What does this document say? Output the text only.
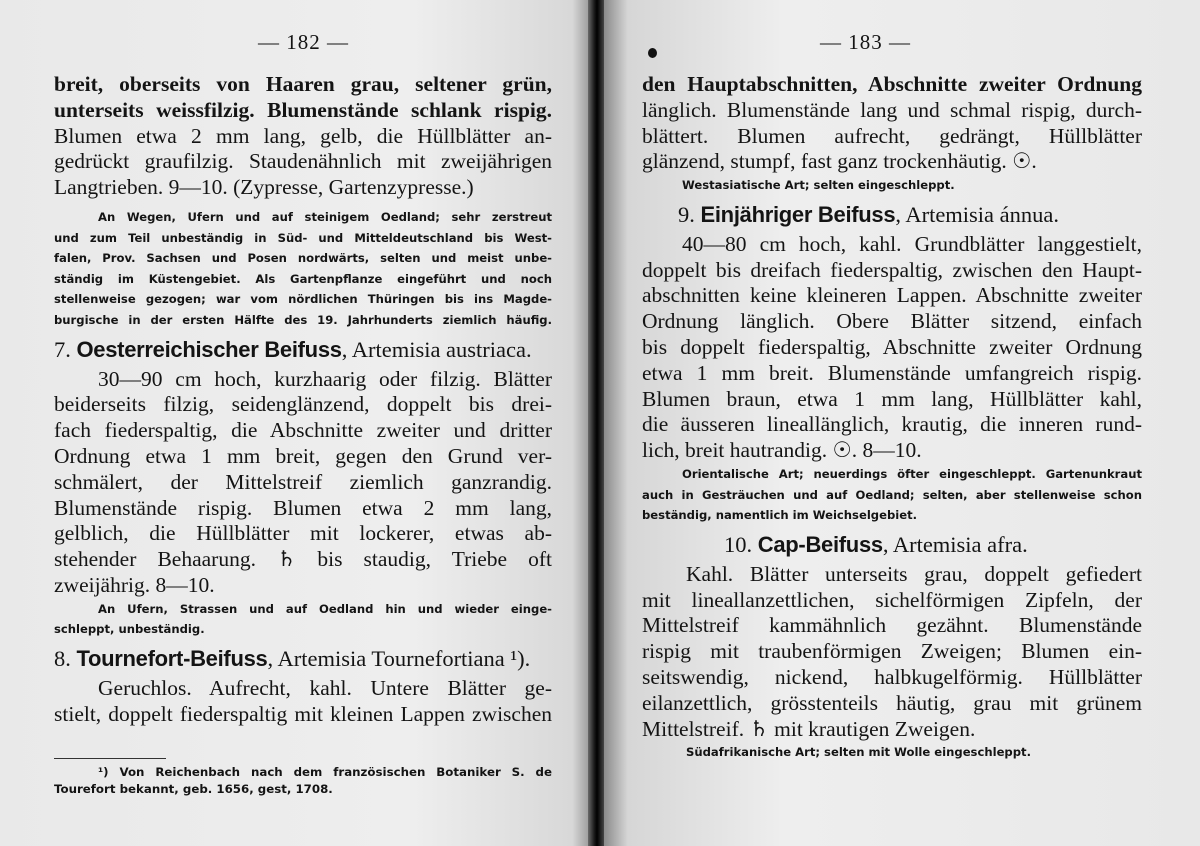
— 182 —
breit, oberseits von Haaren grau, seltener grün,
unterseits weissfilzig. Blumenstände schlank rispig.
Blumen etwa 2 mm lang, gelb, die Hüllblätter an-
gedrückt graufilzig. Staudenähnlich mit zweijährigen
Langtrieben. 9—10. (Zypresse, Gartenzypresse.)
An Wegen, Ufern und auf steinigem Oedland; sehr zerstreut
und zum Teil unbeständig in Süd- und Mitteldeutschland bis West-
falen, Prov. Sachsen und Posen nordwärts, selten und meist unbe-
ständig im Küstengebiet. Als Gartenpflanze eingeführt und noch
stellenweise gezogen; war vom nördlichen Thüringen bis ins Magde-
burgische in der ersten Hälfte des 19. Jahrhunderts ziemlich häufig.
7. Oesterreichischer Beifuss, Artemisia austriaca.
30—90 cm hoch, kurzhaarig oder filzig. Blätter
beiderseits filzig, seidenglänzend, doppelt bis drei-
fach fiederspaltig, die Abschnitte zweiter und dritter
Ordnung etwa 1 mm breit, gegen den Grund ver-
schmälert, der Mittelstreif ziemlich ganzrandig.
Blumenstände rispig. Blumen etwa 2 mm lang,
gelblich, die Hüllblätter mit lockerer, etwas ab-
stehender Behaarung. ♄ bis staudig, Triebe oft
zweijährig. 8—10.
An Ufern, Strassen und auf Oedland hin und wieder einge-
schleppt, unbeständig.
8. Tournefort-Beifuss, Artemisia Tournefortiana ¹).
Geruchlos. Aufrecht, kahl. Untere Blätter ge-
stielt, doppelt fiederspaltig mit kleinen Lappen zwischen
¹) Von Reichenbach nach dem französischen Botaniker S. de
Tourefort bekannt, geb. 1656, gest, 1708.
— 183 —
den Hauptabschnitten, Abschnitte zweiter Ordnung
länglich. Blumenstände lang und schmal rispig, durch-
blättert. Blumen aufrecht, gedrängt, Hüllblätter
glänzend, stumpf, fast ganz trockenhäutig. ☉.
Westasiatische Art; selten eingeschleppt.
9. Einjähriger Beifuss, Artemisia ánnua.
40—80 cm hoch, kahl. Grundblätter langgestielt,
doppelt bis dreifach fiederspaltig, zwischen den Haupt-
abschnitten keine kleineren Lappen. Abschnitte zweiter
Ordnung länglich. Obere Blätter sitzend, einfach
bis doppelt fiederspaltig, Abschnitte zweiter Ordnung
etwa 1 mm breit. Blumenstände umfangreich rispig.
Blumen braun, etwa 1 mm lang, Hüllblätter kahl,
die äusseren lineallänglich, krautig, die inneren rund-
lich, breit hautrandig. ☉. 8—10.
Orientalische Art; neuerdings öfter eingeschleppt. Gartenunkraut
auch in Gesträuchen und auf Oedland; selten, aber stellenweise schon
beständig, namentlich im Weichselgebiet.
10. Cap-Beifuss, Artemisia afra.
Kahl. Blätter unterseits grau, doppelt gefiedert
mit lineallanzettlichen, sichelförmigen Zipfeln, der
Mittelstreif kammähnlich gezähnt. Blumenstände
rispig mit traubenförmigen Zweigen; Blumen ein-
seitswendig, nickend, halbkugelförmig. Hüllblätter
eilanzettlich, grösstenteils häutig, grau mit grünem
Mittelstreif. ♄ mit krautigen Zweigen.
Südafrikanische Art; selten mit Wolle eingeschleppt.
